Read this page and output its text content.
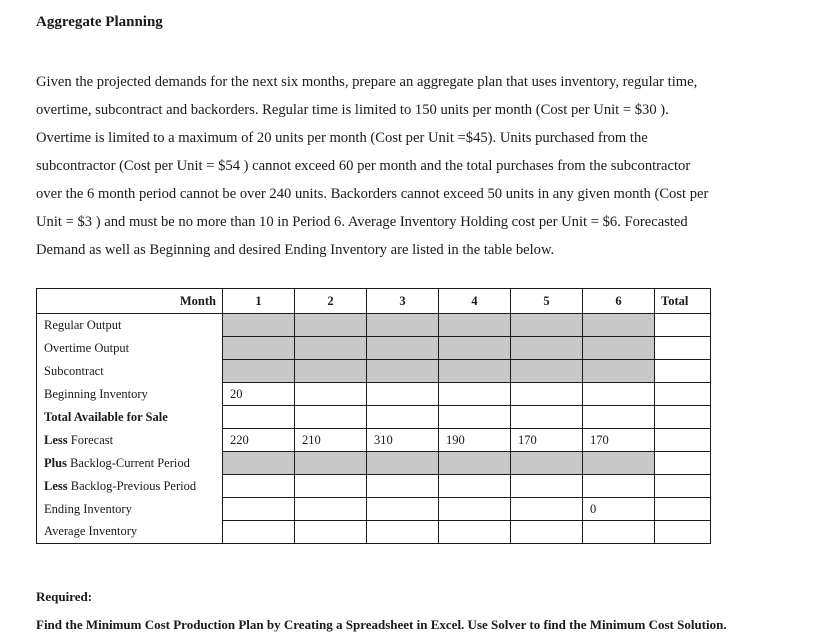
Aggregate Planning

Given the projected demands for the next six months, prepare an aggregate plan that uses inventory, regular time,
overtime, subcontract and backorders. Regular time is limited to 150 units per month (Cost per Unit = $30 ).
Overtime is limited to a maximum of 20 units per month (Cost per Unit =$45). Units purchased from the
subcontractor (Cost per Unit = $54 ) cannot exceed 60 per month and the total purchases from the subcontractor
over the 6 month period cannot be over 240 units. Backorders cannot exceed 50 units in any given month (Cost per
Unit = $3 ) and must be no more than 10 in Period 6. Average Inventory Holding cost per Unit = $6. Forecasted
Demand as well as Beginning and desired Ending Inventory are listed in the table below.

Month	1	2	3	4	5	6	Total
Regular Output							
Overtime Output							
Subcontract							
Beginning Inventory	20						
Total Available for Sale							
Less Forecast	220	210	310	190	170	170	
Plus Backlog-Current Period							
Less Backlog-Previous Period							
Ending Inventory						0	
Average Inventory							
Required:
Find the Minimum Cost Production Plan by Creating a Spreadsheet in Excel. Use Solver to find the Minimum Cost Solution.
